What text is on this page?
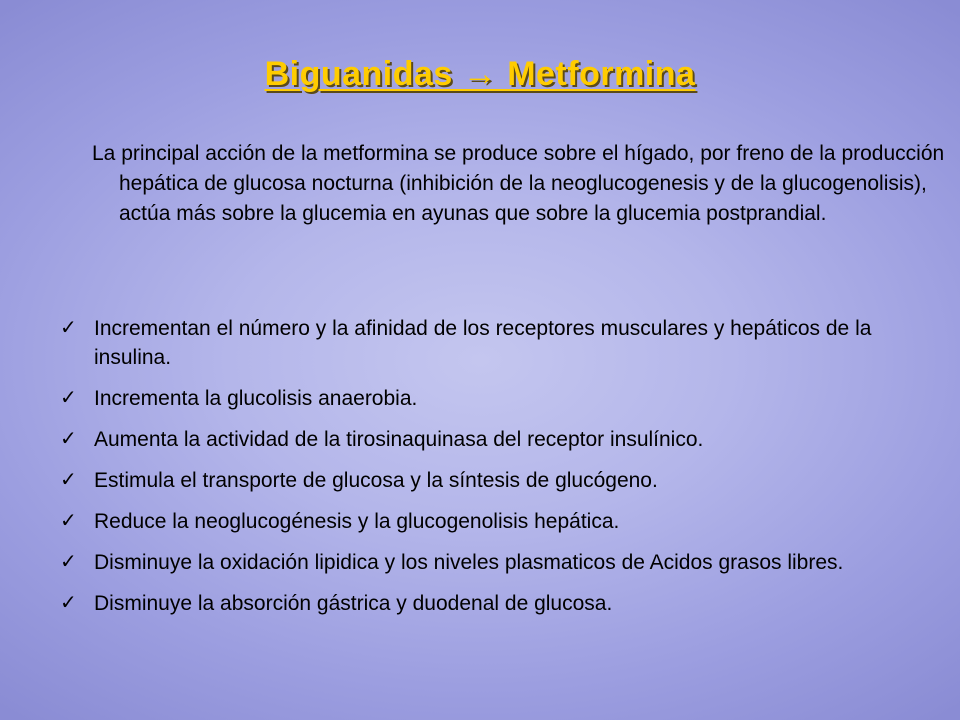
Biguanidas → Metformina

La principal acción de la metformina se produce sobre el hígado, por freno de la producción hepática de glucosa nocturna (inhibición de la neoglucogenesis y de la glucogenolisis), actúa más sobre la glucemia en ayunas que sobre la glucemia postprandial.

✓ Incrementan el número y la afinidad de los receptores musculares y hepáticos de la insulina.
✓ Incrementa la glucolisis anaerobia.
✓ Aumenta la actividad de la tirosinaquinasa del receptor insulínico.
✓ Estimula el transporte de glucosa y la síntesis de glucógeno.
✓ Reduce la neoglucogénesis y la glucogenolisis hepática.
✓ Disminuye la oxidación lipidica y los niveles plasmaticos de Acidos grasos libres.
✓ Disminuye la absorción gástrica y duodenal de glucosa.
